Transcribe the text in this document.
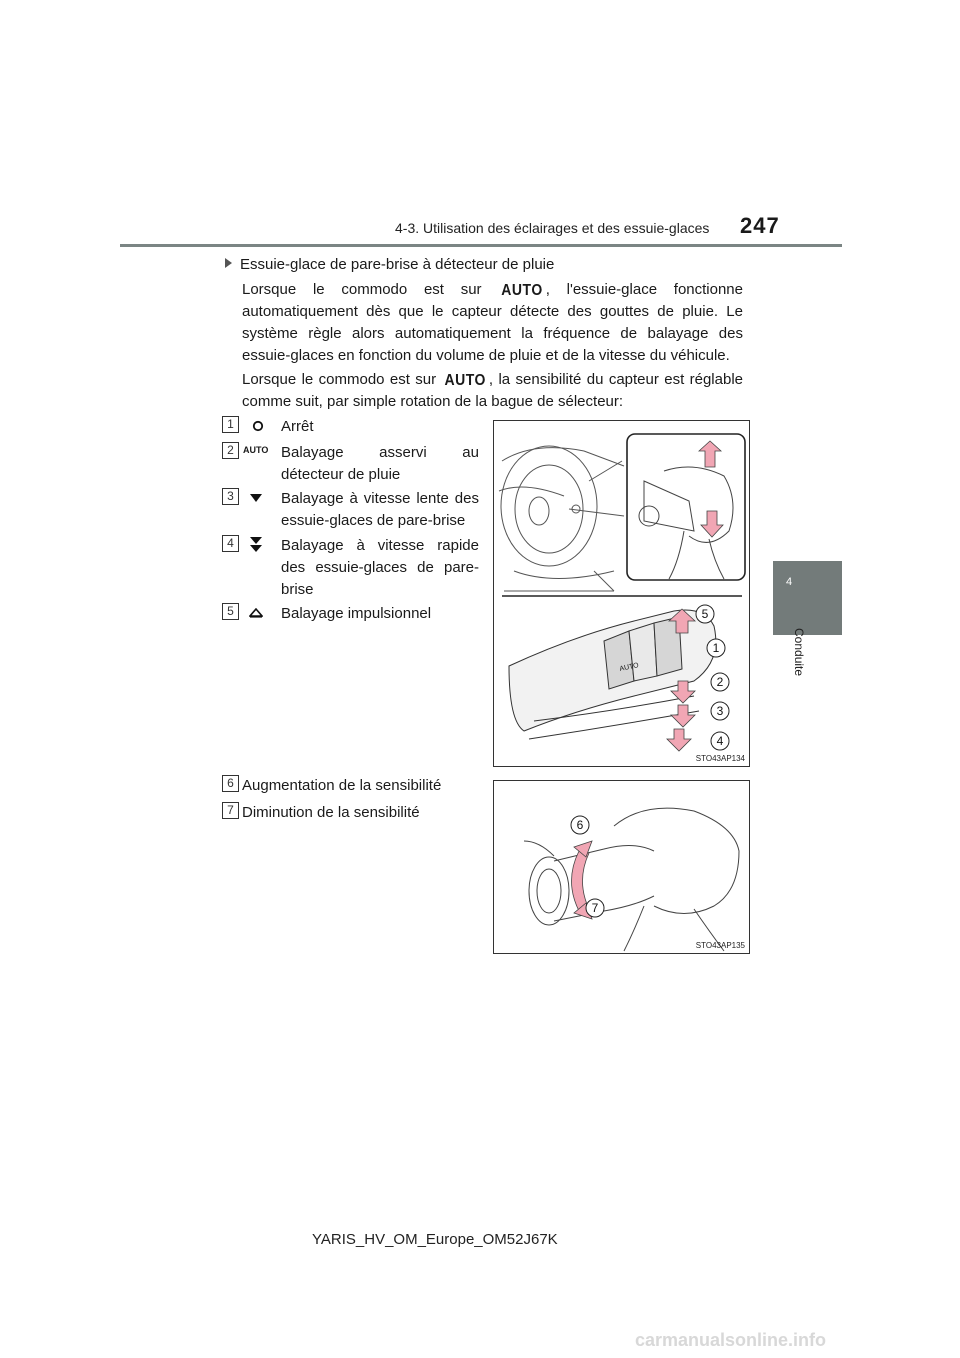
4-3. Utilisation des éclairages et des essuie-glaces 247
4
Conduite
Essuie-glace de pare-brise à détecteur de pluie
Lorsque le commodo est sur AUTO , l'essuie-glace fonctionne automatiquement dès que le capteur détecte des gouttes de pluie. Le système règle alors automatiquement la fréquence de balayage des essuie-glaces en fonction du volume de pluie et de la vitesse du véhicule.
Lorsque le commodo est sur AUTO , la sensibilité du capteur est réglable comme suit, par simple rotation de la bague de sélecteur:
1	Arrêt
2	AUTO Balayage asservi au détecteur de pluie
3	Balayage à vitesse lente des essuie-glaces de pare-brise
4	Balayage à vitesse rapide des essuie-glaces de pare-brise
5	Balayage impulsionnel
6 Augmentation de la sensibilité
7 Diminution de la sensibilité
AUTO
5
1
2
3
4
STO43AP134
6
7
STO43AP135
YARIS_HV_OM_Europe_OM52J67K
carmanualsonline.info
